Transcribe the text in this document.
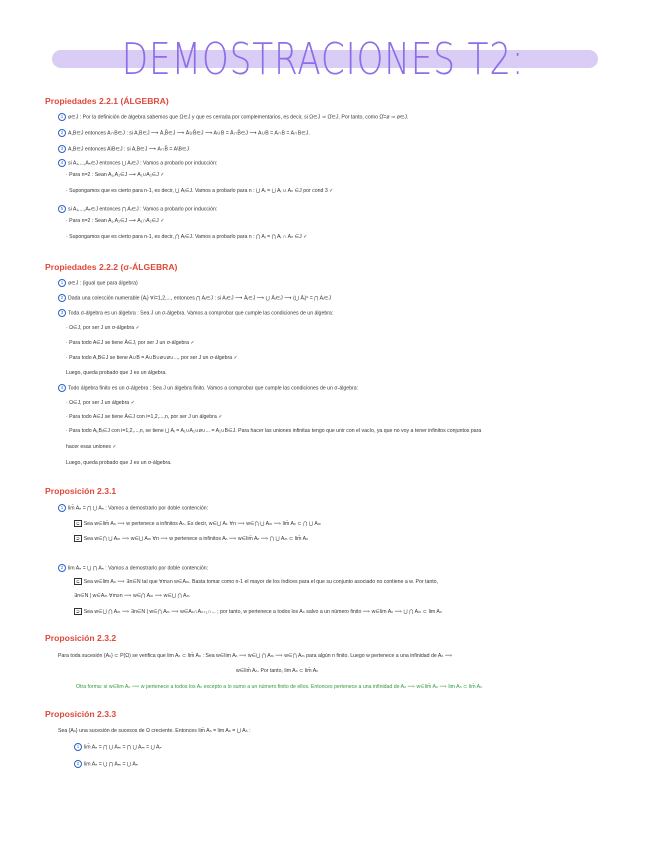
DEMOSTRACIONES T2:
Propiedades 2.2.1 (ÁLGEBRA)
1 ø∈J : Por la definición de álgebra sabemos que Ω∈J y que es cerrada por complementarios, es decir, si Ω∈J ⇒ Ω̄∈J. Por tanto, como Ω̄=ø ⇒ ø∈J.
2 A,B∈J entonces A∩B∈J : si A,B∈J ⟶ Ā,B̄∈J ⟶ Ā∪B̄∈J ⟶ A∪B = Ā∩B̄∈J ⟶ A∪B = A∩B = A∩B∈J.
3 A,B∈J entonces A\B∈J : si A,B∈J ⟶ A∩B̄ = A\B∈J
4 si A₁,...,Aₙ∈J entonces ⋃ Aᵢ∈J : Vamos a probarlo por inducción:
· Para n=2 : Sean A₁,A₂∈J ⟶ A₁∪A₂∈J ✓
· Supongamos que es cierto para n-1, es decir, ⋃ Aᵢ∈J. Vamos a probarlo para n : ⋃ Aᵢ = ⋃ Aᵢ ∪ Aₙ ∈J por cond 3 ✓
5 si A₁,...,Aₙ∈J entonces ⋂ Aᵢ∈J : Vamos a probarlo por inducción:
· Para n=2 : Sean A₁,A₂∈J ⟶ A₁∩A₂∈J ✓
· Supongamos que es cierto para n-1, es decir, ⋂ Aᵢ∈J. Vamos a probarlo para n : ⋂ Aᵢ = ⋂ Aᵢ ∩ Aₙ ∈J ✓
Propiedades 2.2.2 (σ-ÁLGEBRA)
1 ø∈J : (igual que para álgebra)
2 Dada una colección numerable {Aᵢ} ∀i=1,2,..., entonces ⋂ Aᵢ∈J : si Aᵢ∈J ⟶ Āᵢ∈J ⟶ ⋃ Āᵢ∈J ⟶ (⋃ Āᵢ)ᶜ = ⋂ Aᵢ∈J
3 Toda σ-álgebra es un álgebra : Sea J un σ-álgebra. Vamos a comprobar que cumple las condiciones de un álgebra:
· Ω∈J, por ser J un σ-álgebra ✓
· Para todo A∈J se tiene Ā∈J, por ser J un σ-álgebra ✓
· Para todo A,B∈J se tiene A∪B = A∪B∪ø∪ø∪..., por ser J un σ-álgebra ✓
Luego, queda probado que J es un álgebra.
4 Todo álgebra finito es un σ-álgebra : Sea J un álgebra finito. Vamos a comprobar que cumple las condiciones de un σ-álgebra:
· Ω∈J, por ser J un álgebra ✓
· Para todo A∈J se tiene Ā∈J con i=1,2,...,n, por ser J un álgebra ✓
· Para todo Aᵢ,Bᵢ∈J con i=1,2,...,n, se tiene ⋃ Aᵢ = A₁∪A₂∪ø∪... = A₁∪B∈J. Para hacer las uniones infinitas tengo que unir con el vacío, ya que no voy a tener infinitos conjuntos para
hacer esas uniones ✓
Luego, queda probado que J es un σ-álgebra.
Proposición 2.3.1
1 lim̄ Aₙ = ⋂ ⋃ Aₙ : Vamos a demostrarlo por doble contención:
⊆ Sea w∈lim̄ Aₙ ⟹ w pertenece a infinitos Aₙ. Es decir, w∈⋃ Aₖ ∀n ⟹ w∈⋂ ⋃ Aₘ ⟹ lim̄ Aₙ ⊂ ⋂ ⋃ Aₘ
⊇ Sea w∈⋂ ⋃ Aₘ ⟹ w∈⋃ Aₘ ∀n ⟹ w pertenece a infinitos Aₙ ⟹ w∈lim̄ Aₙ ⟹ ⋂ ⋃ Aₘ ⊂ lim̄ Aₙ
2 lim Aₙ = ⋃ ⋂ Aₙ : Vamos a demostrarlo por doble contención:
⊆ Sea w∈lim Aₙ ⟹ ∃n∈N tal que ∀m≥n w∈Aₘ. Basta tomar como n-1 el mayor de los índices para el que su conjunto asociado no contiene a w. Por tanto,
∃n∈N | w∈Aₘ ∀m≥n ⟹ w∈⋂ Aₘ ⟹ w∈⋃ ⋂ Aₘ
⊇ Sea w∈⋃ ⋂ Aₘ ⟹ ∃n∈N | w∈⋂ Aₘ ⟹ w∈Aₙ∩Aₙ₊₁∩... ; por tanto, w pertenece a todos los Aₙ salvo a un número finito ⟹ w∈lim Aₙ ⟹ ⋃ ⋂ Aₘ ⊂ lim Aₙ
Proposición 2.3.2
Para toda sucesión {Aₙ} ⊂ P(Ω) se verifica que lim Aₙ ⊂ lim̄ Aₙ : Sea w∈lim Aₙ ⟹ w∈⋃ ⋂ Aₘ ⟹ w∈⋂ Aₘ para algún n finito. Luego w pertenece a una infinidad de Aₙ ⟹
w∈lim̄ Aₙ. Por tanto, lim Aₙ ⊂ lim̄ Aₙ
Otra forma: si w∈lim Aₙ ⟹ w pertenece a todos los Aₙ excepto a lo sumo a un número finito de ellos. Entonces pertenece a una infinidad de Aₙ ⟹ w∈lim̄ Aₙ ⟹ lim Aₙ ⊂ lim̄ Aₙ
Proposición 2.3.3
Sea {Aₙ} una sucesión de sucesos de Ω creciente. Entonces lim̄ Aₙ = lim Aₙ = ⋃ Aₙ :
1 lim̄ Aₙ = ⋂ ⋃ Aₘ = ⋂ ⋃ Aₘ = ⋃ Aₙ
2 lim Aₙ = ⋃ ⋂ Aₘ = ⋃ Aₙ
